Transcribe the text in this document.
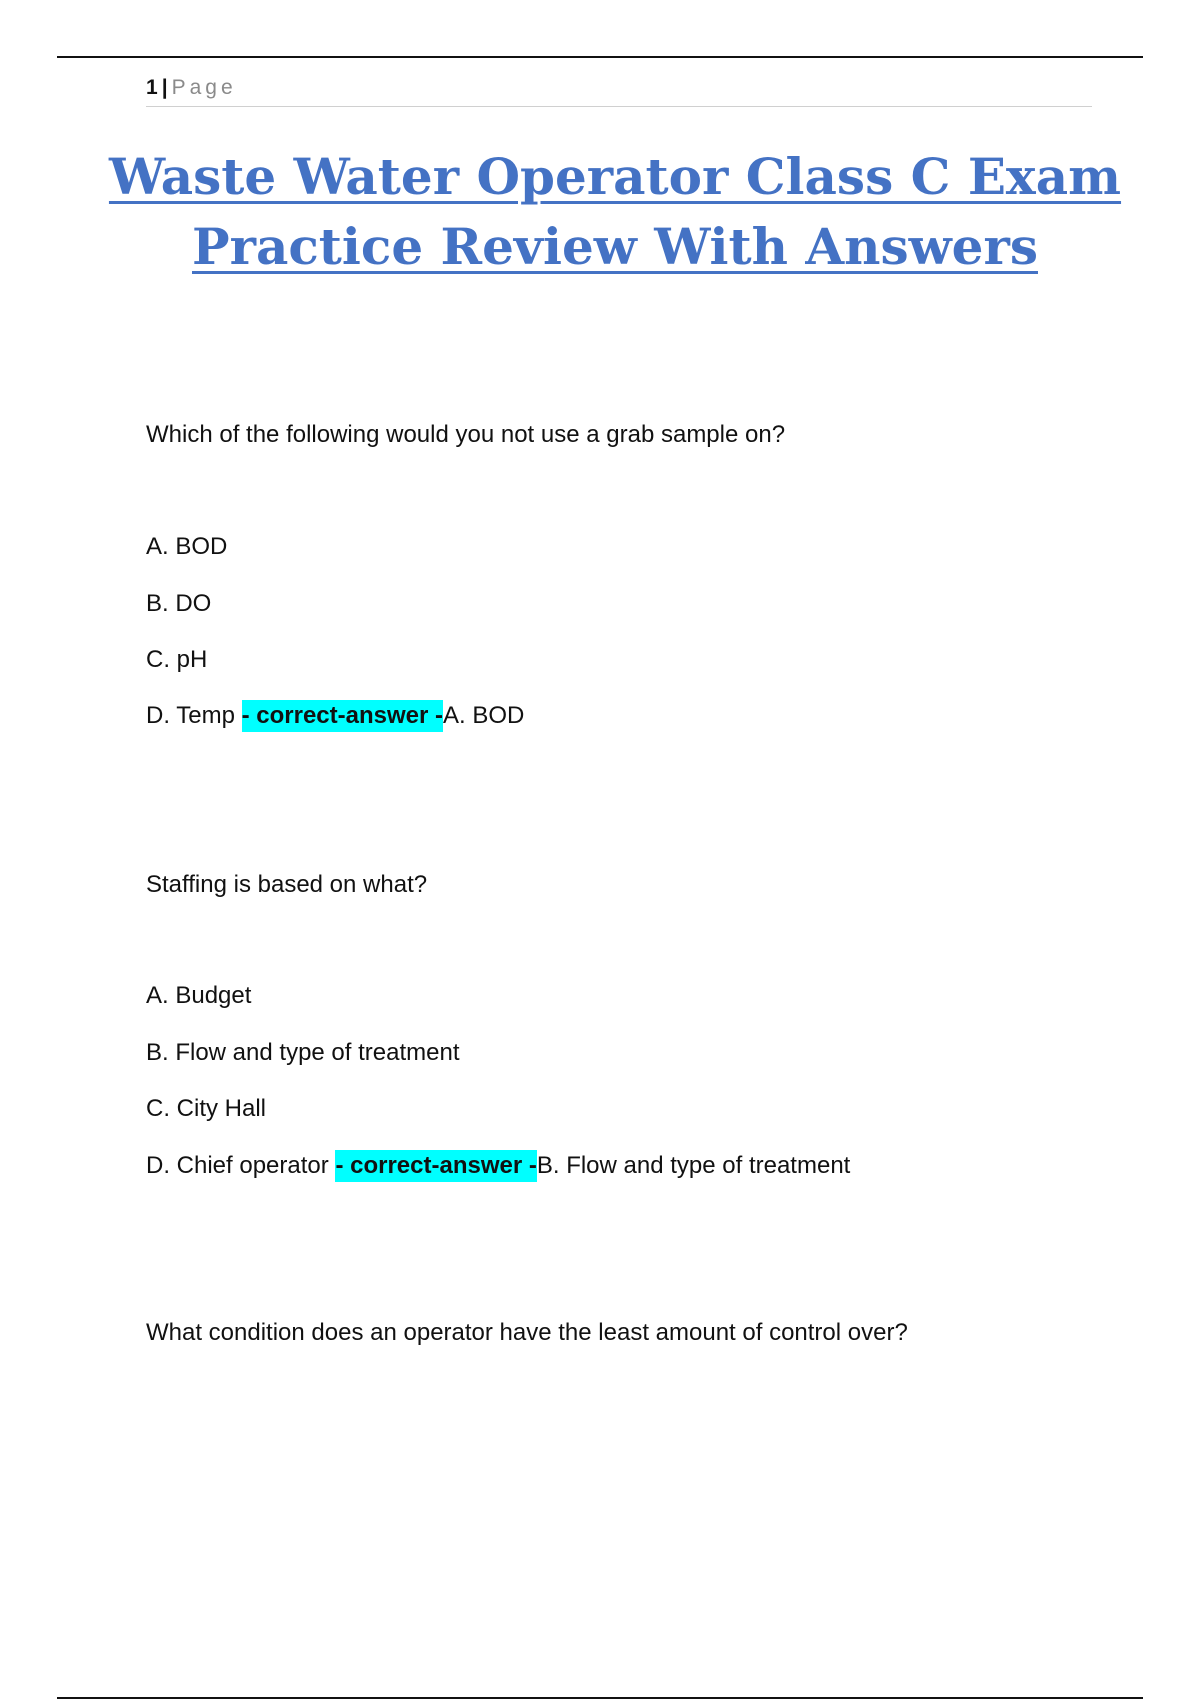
1 | Page
Waste Water Operator Class C Exam
Practice Review With Answers

Which of the following would you not use a grab sample on?

A. BOD

B. DO

C. pH

D. Temp - correct-answer -A. BOD

Staffing is based on what?

A. Budget

B. Flow and type of treatment

C. City Hall

D. Chief operator - correct-answer -B. Flow and type of treatment

What condition does an operator have the least amount of control over?
